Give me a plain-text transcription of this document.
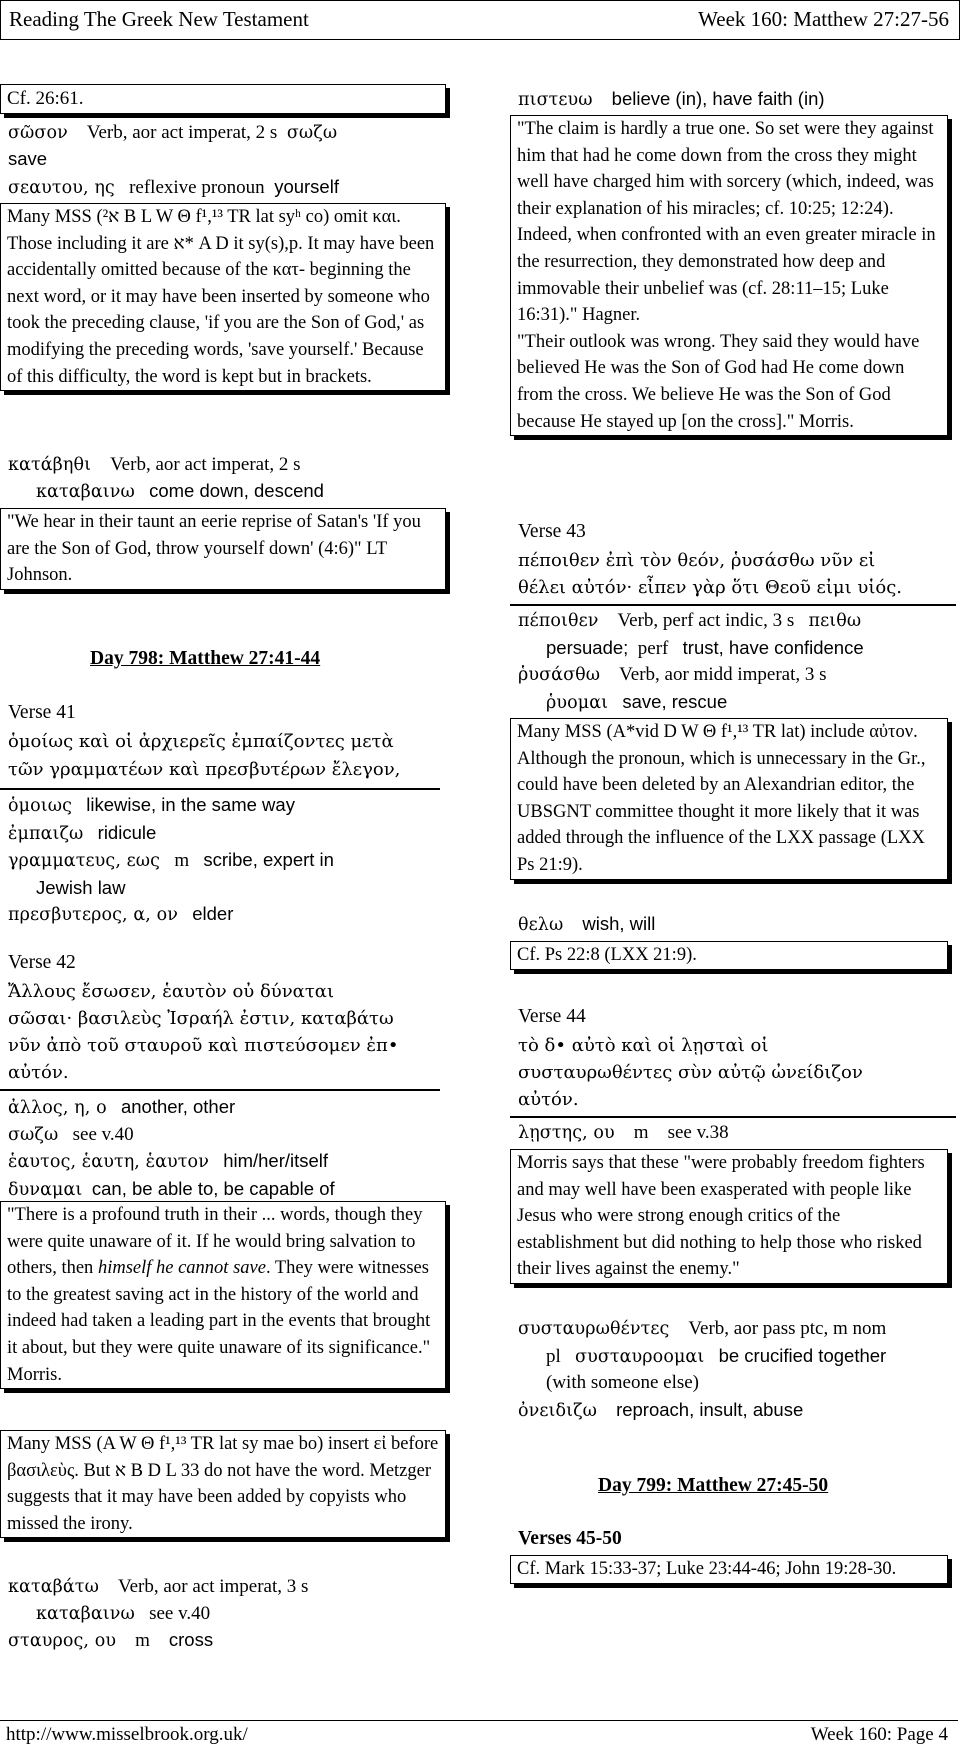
Reading The Greek New Testament	Week 160: Matthew 27:27-56
Cf. 26:61.
σῶσον Verb, aor act imperat, 2 s σωζω
save
σεαυτου, ης reflexive pronoun yourself
Many MSS (א² B L W Θ f¹,¹³ TR lat syʰ co) omit και. Those including it are א* A D it sy(s),p. It may have been accidentally omitted because of the κατ- beginning the next word, or it may have been inserted by someone who took the preceding clause, 'if you are the Son of God,' as modifying the preceding words, 'save yourself.' Because of this difficulty, the word is kept but in brackets.
κατάβηθι Verb, aor act imperat, 2 s
καταβαινω come down, descend
"We hear in their taunt an eerie reprise of Satan's 'If you are the Son of God, throw yourself down' (4:6)" LT Johnson.
Day 798: Matthew 27:41-44
Verse 41
ὁμοίως καὶ οἱ ἀρχιερεῖς ἐμπαίζοντες μετὰ
τῶν γραμματέων καὶ πρεσβυτέρων ἔλεγον,
ὁμοιως likewise, in the same way
ἐμπαιζω ridicule
γραμματευς, εως m scribe, expert in
Jewish law
πρεσβυτερος, α, ον elder
Verse 42
Ἄλλους ἔσωσεν, ἑαυτὸν οὐ δύναται
σῶσαι· βασιλεὺς Ἰσραήλ ἐστιν, καταβάτω
νῦν ἀπὸ τοῦ σταυροῦ καὶ πιστεύσομεν ἐπ•
αὐτόν.
ἀλλος, η, ο another, other
σωζω see v.40
ἑαυτος, ἑαυτη, ἑαυτον him/her/itself
δυναμαι can, be able to, be capable of
"There is a profound truth in their ... words, though they were quite unaware of it. If he would bring salvation to others, then himself he cannot save. They were witnesses to the greatest saving act in the history of the world and indeed had taken a leading part in the events that brought it about, but they were quite unaware of its significance." Morris.
Many MSS (A W Θ f¹,¹³ TR lat sy mae bo) insert εἰ before βασιλεὺς. But א B D L 33 do not have the word. Metzger suggests that it may have been added by copyists who missed the irony.
καταβάτω Verb, aor act imperat, 3 s
καταβαινω see v.40
σταυρος, ου m cross
πιστευω believe (in), have faith (in)
"The claim is hardly a true one. So set were they against him that had he come down from the cross they might well have charged him with sorcery (which, indeed, was their explanation of his miracles; cf. 10:25; 12:24). Indeed, when confronted with an even greater miracle in the resurrection, they demonstrated how deep and immovable their unbelief was (cf. 28:11–15; Luke 16:31)." Hagner.
"Their outlook was wrong. They said they would have believed He was the Son of God had He come down from the cross. We believe He was the Son of God because He stayed up [on the cross]." Morris.
Verse 43
πέποιθεν ἐπὶ τὸν θεόν, ῥυσάσθω νῦν εἰ
θέλει αὐτόν· εἶπεν γὰρ ὅτι Θεοῦ εἰμι υἱός.
πέποιθεν Verb, perf act indic, 3 s πειθω
persuade; perf trust, have confidence
ῥυσάσθω Verb, aor midd imperat, 3 s
ῥυομαι save, rescue
Many MSS (A*vid D W Θ f¹,¹³ TR lat) include αὐτον. Although the pronoun, which is unnecessary in the Gr., could have been deleted by an Alexandrian editor, the UBSGNT committee thought it more likely that it was added through the influence of the LXX passage (LXX Ps 21:9).
θελω wish, will
Cf. Ps 22:8 (LXX 21:9).
Verse 44
τὸ δ• αὐτὸ καὶ οἱ λῃσταὶ οἱ
συσταυρωθέντες σὺν αὐτῷ ὠνείδιζον
αὐτόν.
λῃστης, ου m see v.38
Morris says that these "were probably freedom fighters and may well have been exasperated with people like Jesus who were strong enough critics of the establishment but did nothing to help those who risked their lives against the enemy."
συσταυρωθέντες Verb, aor pass ptc, m nom
pl συσταυροομαι be crucified together
(with someone else)
ὀνειδιζω reproach, insult, abuse
Day 799: Matthew 27:45-50
Verses 45-50
Cf. Mark 15:33-37; Luke 23:44-46; John 19:28-30.
http://www.misselbrook.org.uk/	Week 160: Page 4
